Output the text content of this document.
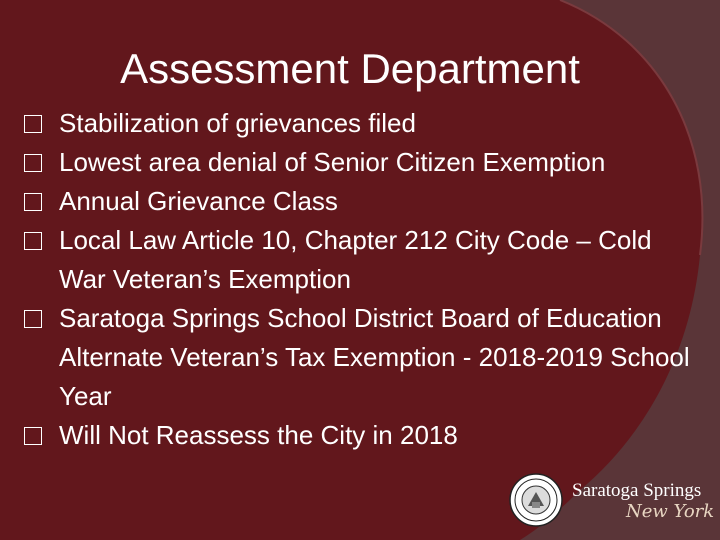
Assessment Department
Stabilization of grievances filed
Lowest area denial of Senior Citizen Exemption
Annual Grievance Class
Local Law Article 10, Chapter 212 City Code – Cold War Veteran’s Exemption
Saratoga Springs School District Board of Education Alternate Veteran’s Tax Exemption - 2018-2019 School Year
Will Not Reassess the City in 2018
Saratoga Springs
New York
